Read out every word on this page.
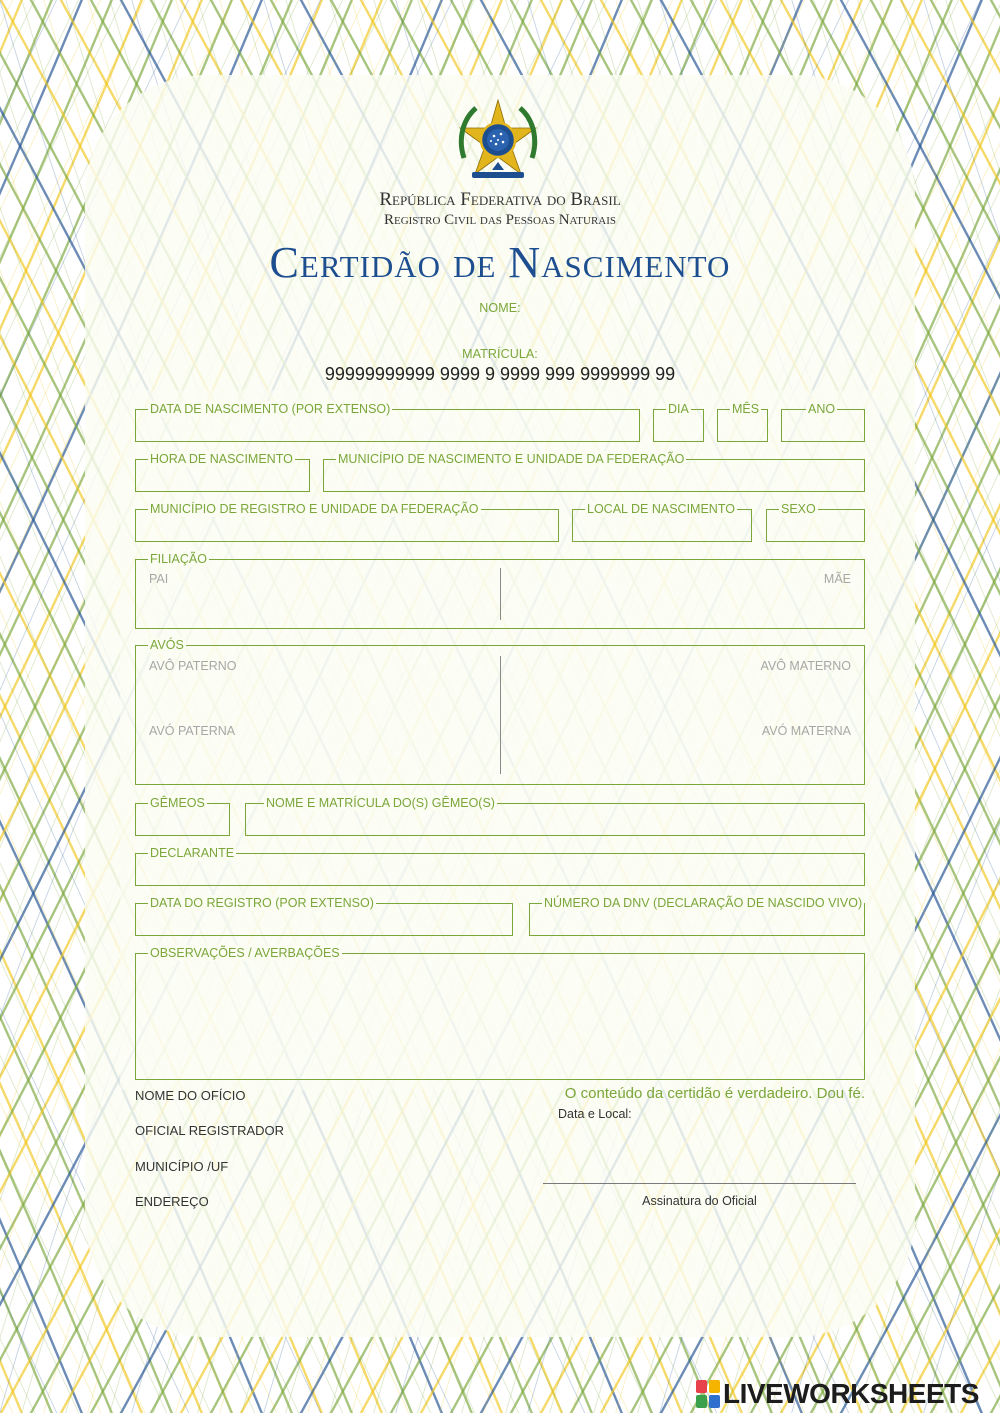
República Federativa do Brasil
Registro Civil das Pessoas Naturais
Certidão de Nascimento
NOME:
MATRÍCULA:
99999999999 9999 9 9999 999 9999999 99
DATA DE NASCIMENTO (POR EXTENSO)	DIA	MÊS	ANO
HORA DE NASCIMENTO	MUNICÍPIO DE NASCIMENTO E UNIDADE DA FEDERAÇÃO
MUNICÍPIO DE REGISTRO E UNIDADE DA FEDERAÇÃO	LOCAL DE NASCIMENTO	SEXO
FILIAÇÃO
PAI	MÃE
AVÓS
AVÔ PATERNO	AVÔ MATERNO
AVÓ PATERNA	AVÓ MATERNA
GÊMEOS	NOME E MATRÍCULA DO(S) GÊMEO(S)
DECLARANTE
DATA DO REGISTRO (POR EXTENSO)	NÚMERO DA DNV (DECLARAÇÃO DE NASCIDO VIVO)
OBSERVAÇÕES / AVERBAÇÕES
NOME DO OFÍCIO
OFICIAL REGISTRADOR
MUNICÍPIO /UF
ENDEREÇO
O conteúdo da certidão é verdadeiro. Dou fé.
Data e Local:
Assinatura do Oficial
LIVEWORKSHEETS
